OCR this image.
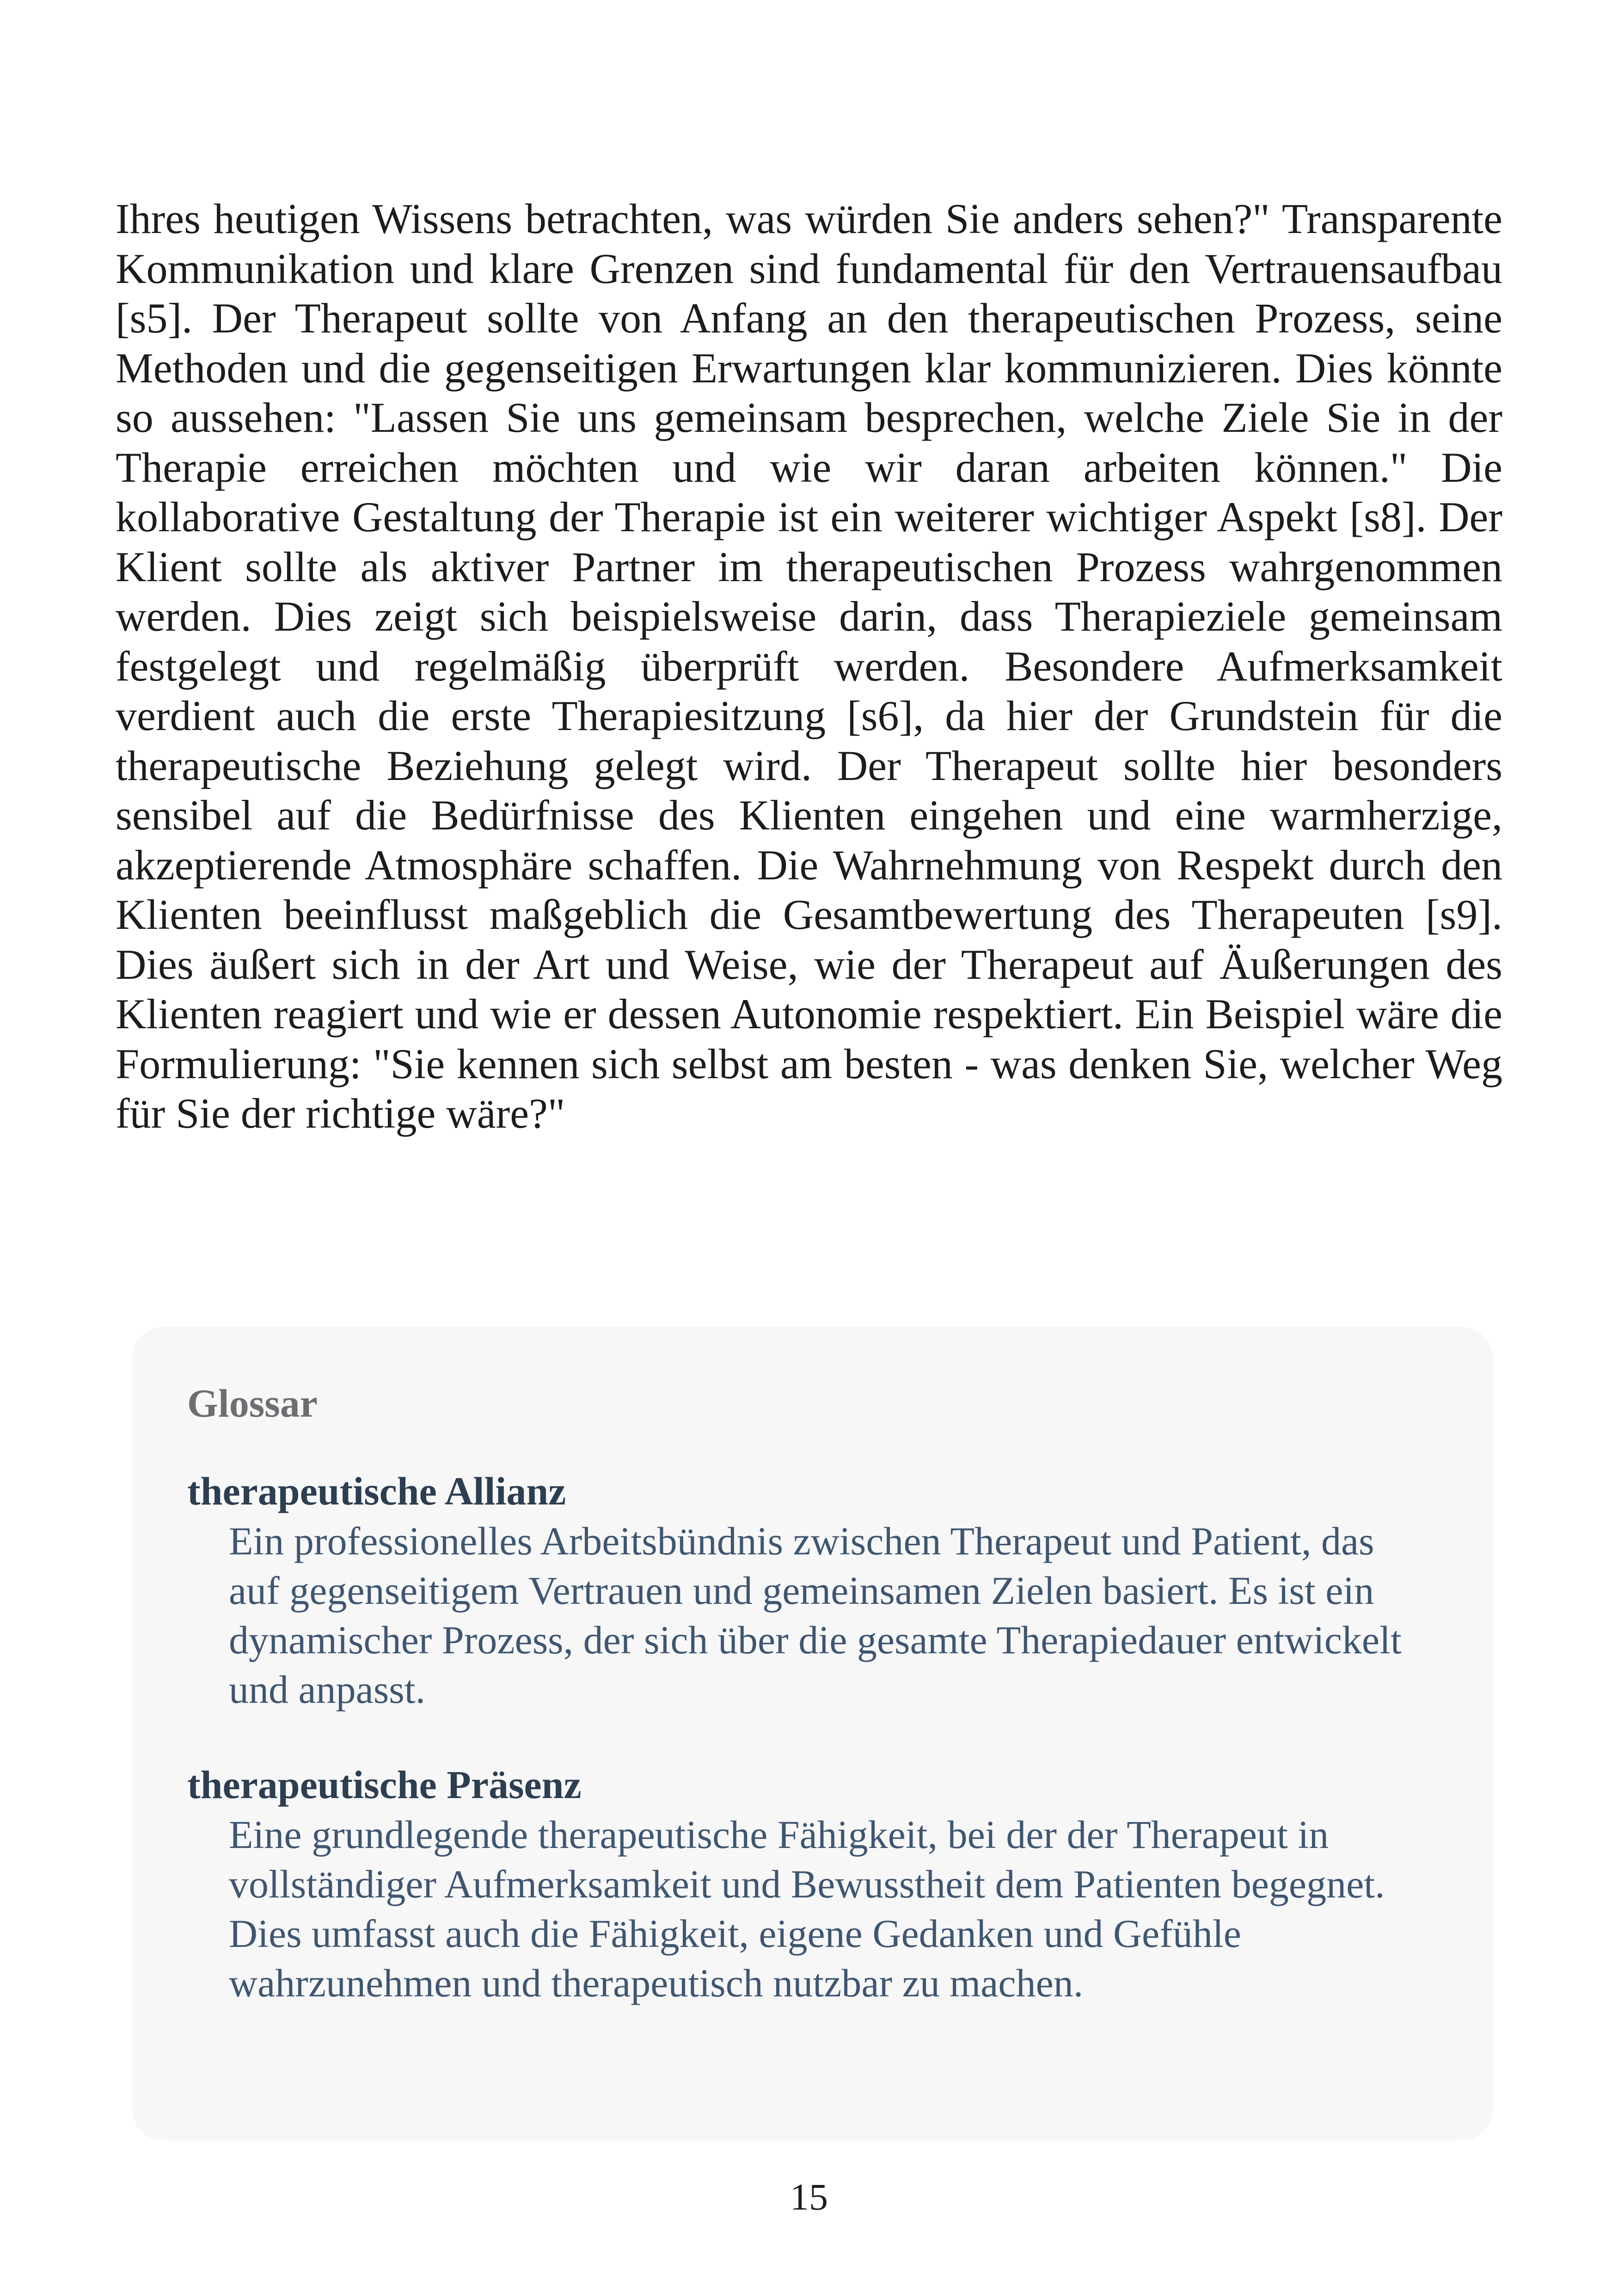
Ihres heutigen Wissens betrachten, was würden Sie anders sehen?" Transparente Kommunikation und klare Grenzen sind fundamental für den Vertrauensaufbau [s5]. Der Therapeut sollte von Anfang an den therapeutischen Prozess, seine Methoden und die gegenseitigen Erwartungen klar kommunizieren. Dies könnte so aussehen: "Lassen Sie uns gemeinsam besprechen, welche Ziele Sie in der Therapie erreichen möchten und wie wir daran arbeiten können." Die kollaborative Gestaltung der Therapie ist ein weiterer wichtiger Aspekt [s8]. Der Klient sollte als aktiver Partner im therapeutischen Prozess wahrgenommen werden. Dies zeigt sich beispielsweise darin, dass Therapieziele gemeinsam festgelegt und regelmäßig überprüft werden. Besondere Aufmerksamkeit verdient auch die erste Therapiesitzung [s6], da hier der Grundstein für die therapeutische Beziehung gelegt wird. Der Therapeut sollte hier besonders sensibel auf die Bedürfnisse des Klienten eingehen und eine warmherzige, akzeptierende Atmosphäre schaffen. Die Wahrnehmung von Respekt durch den Klienten beeinflusst maßgeblich die Gesamtbewertung des Therapeuten [s9]. Dies äußert sich in der Art und Weise, wie der Therapeut auf Äußerungen des Klienten reagiert und wie er dessen Autonomie respektiert. Ein Beispiel wäre die Formulierung: "Sie kennen sich selbst am besten - was denken Sie, welcher Weg für Sie der richtige wäre?"

Glossar

therapeutische Allianz

Ein professionelles Arbeitsbündnis zwischen Therapeut und Patient, das auf gegenseitigem Vertrauen und gemeinsamen Zielen basiert. Es ist ein dynamischer Prozess, der sich über die gesamte Therapiedauer entwickelt und anpasst.

therapeutische Präsenz

Eine grundlegende therapeutische Fähigkeit, bei der der Therapeut in vollständiger Aufmerksamkeit und Bewusstheit dem Patienten begegnet. Dies umfasst auch die Fähigkeit, eigene Gedanken und Gefühle wahrzunehmen und therapeutisch nutzbar zu machen.

15
